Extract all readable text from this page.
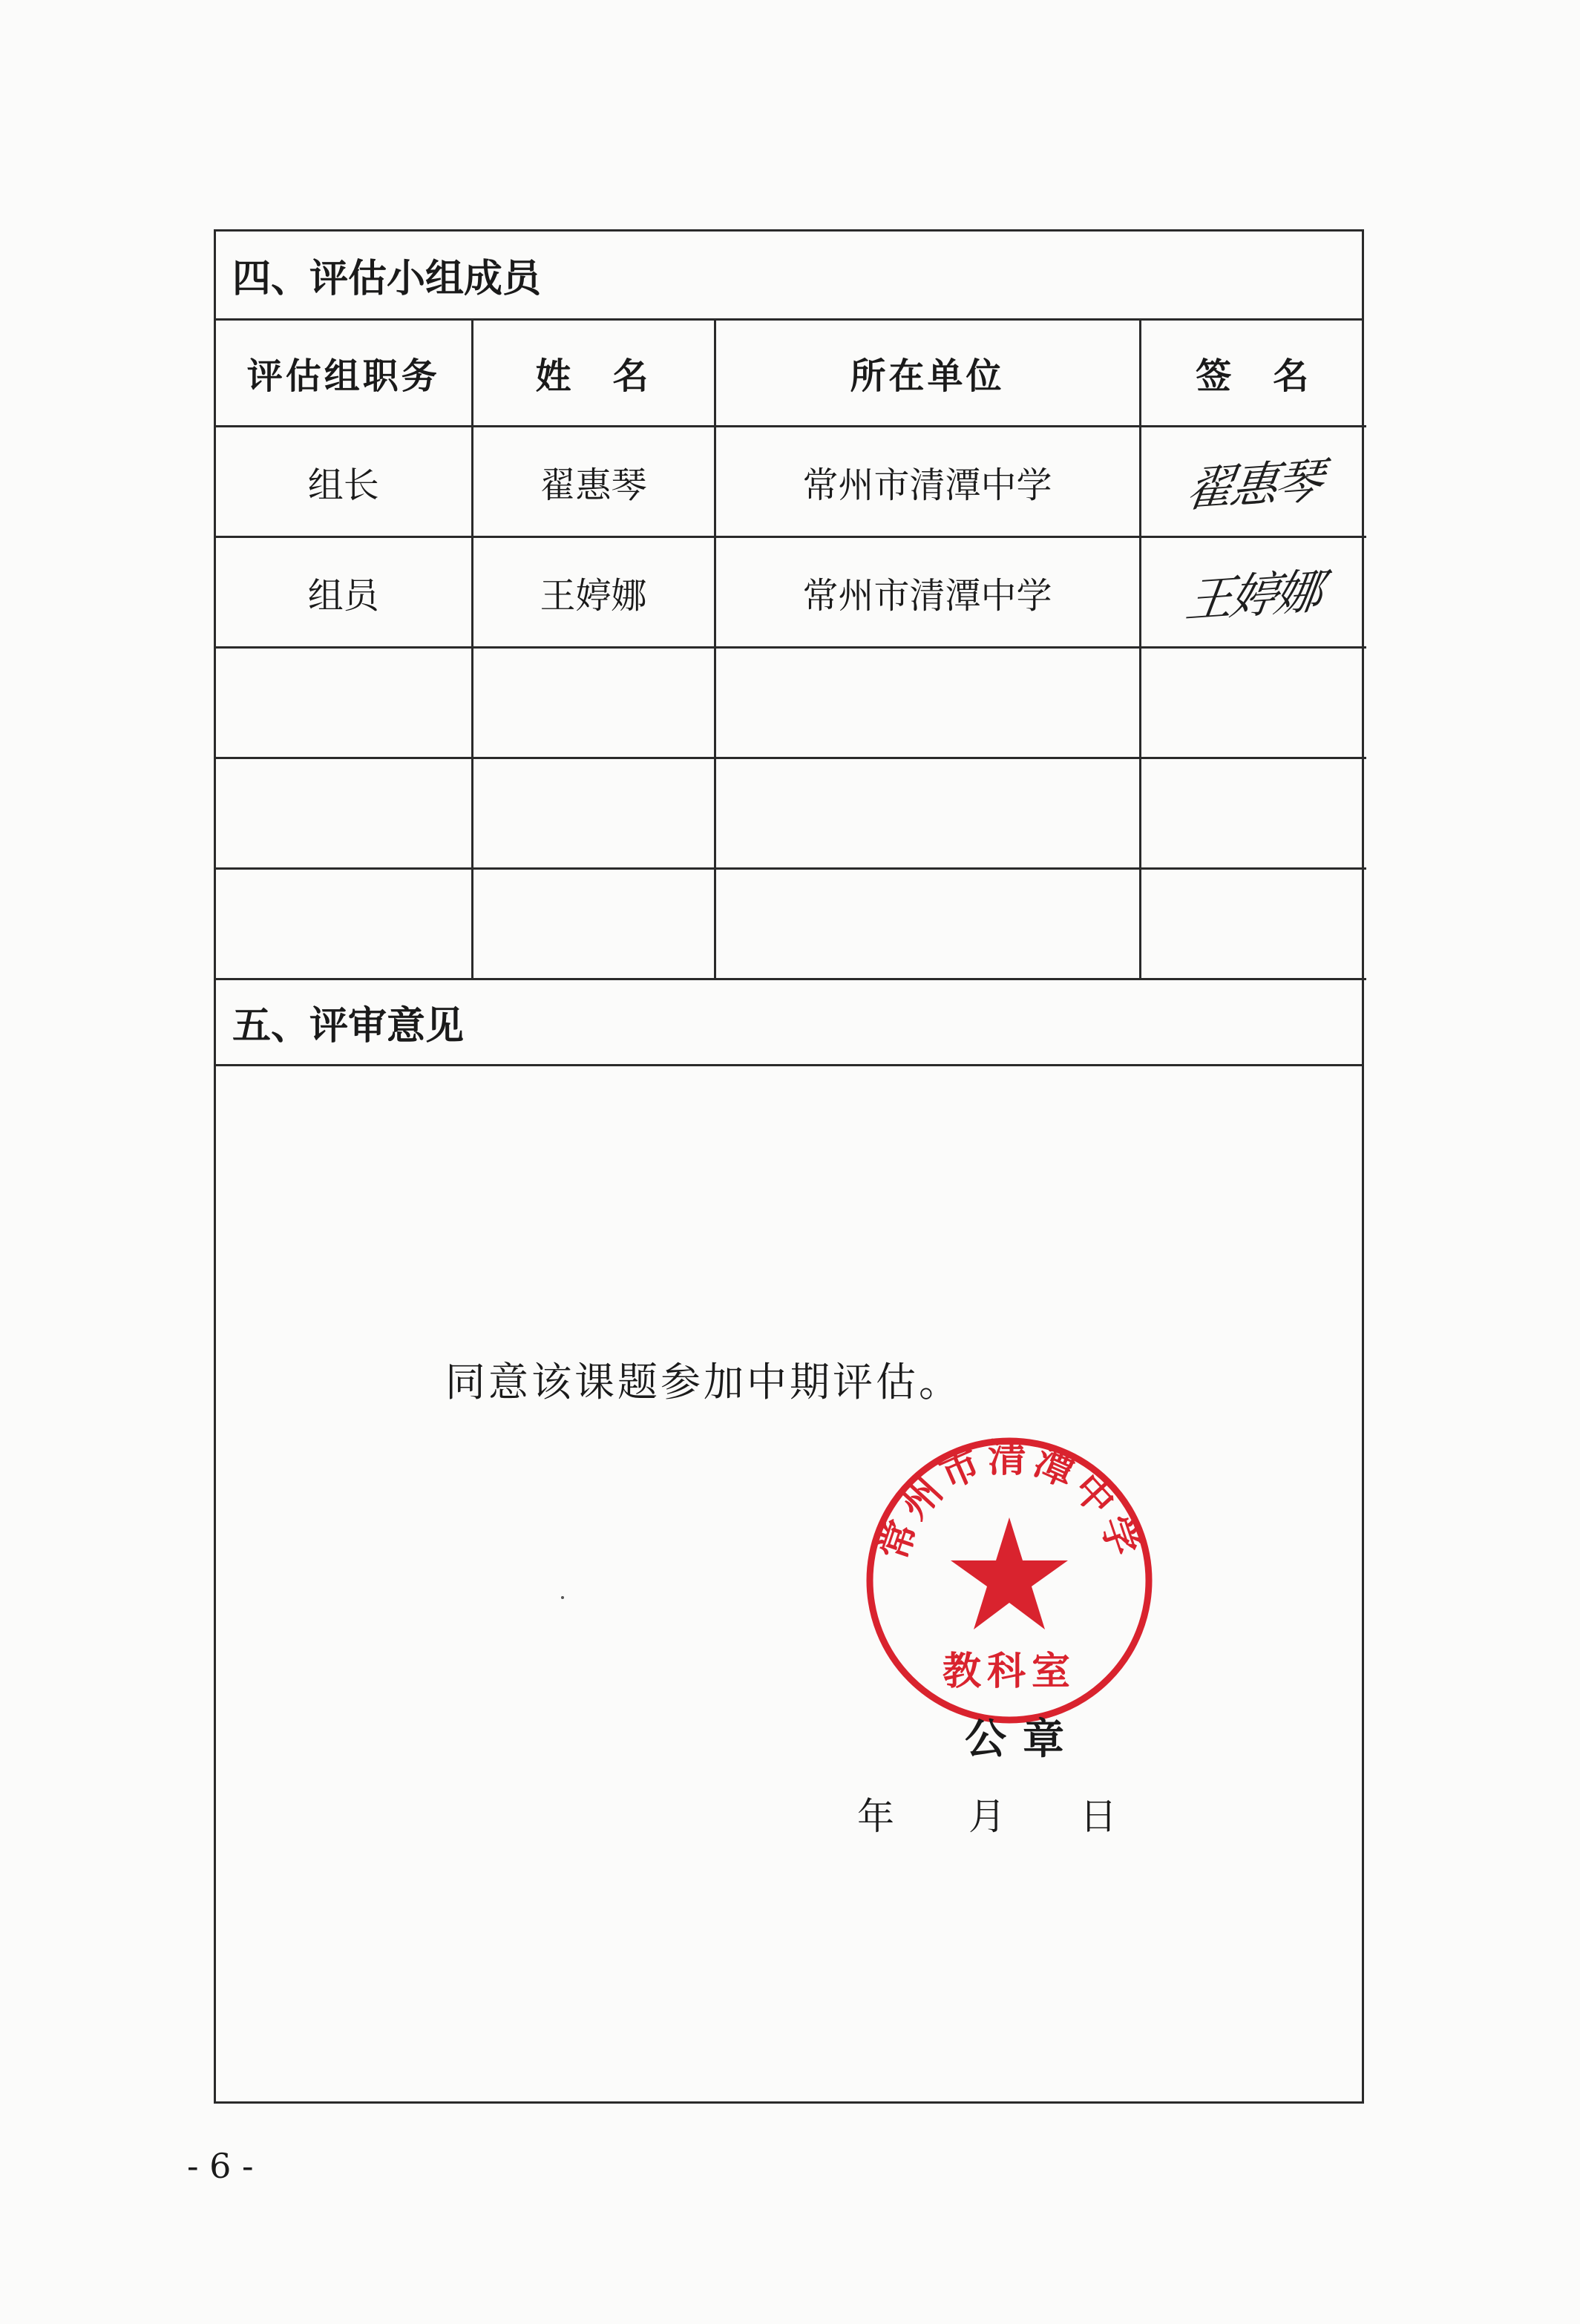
四、评估小组成员
评估组职务	姓　名	所在单位	签　名
组长	翟惠琴	常州市清潭中学	翟惠琴
组员	王婷娜	常州市清潭中学	王婷娜

五、评审意见
同意该课题参加中期评估。
常州市清潭中学
教科室
公章
年 月 日
- 6 -
